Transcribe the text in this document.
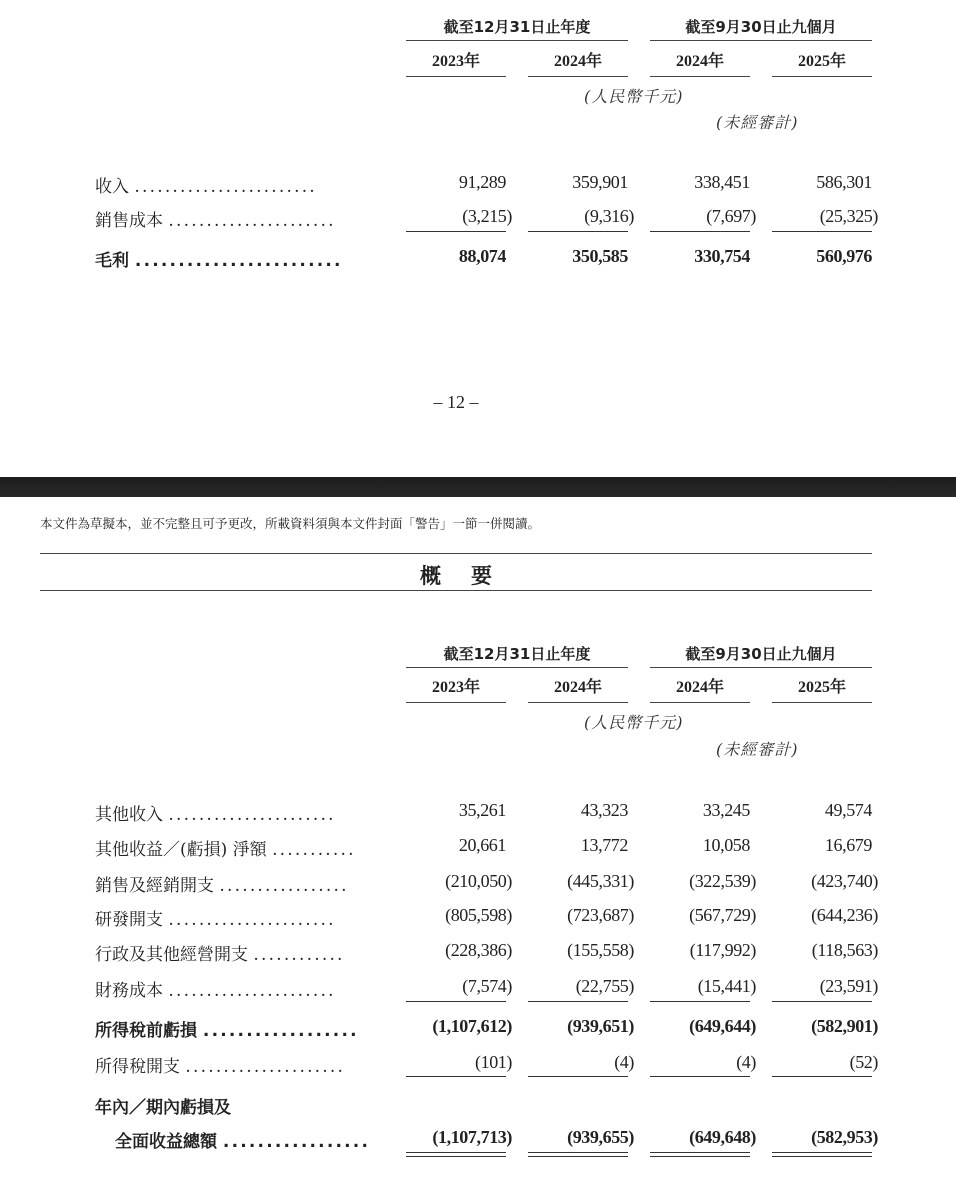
截至12月31日止年度	截至9月30日止九個月
2023年	2024年	2024年	2025年
(人民幣千元)
(未經審計)
收入 ........................	91,289	359,901	338,451	586,301
銷售成本 ......................	(3,215)	(9,316)	(7,697)	(25,325)
毛利 ........................	88,074	350,585	330,754	560,976
– 12 –
本文件為草擬本，並不完整且可予更改，所載資料須與本文件封面「警告」一節一併閱讀。
概要
截至12月31日止年度	截至9月30日止九個月
2023年	2024年	2024年	2025年
(人民幣千元)
(未經審計)
其他收入 ......................	35,261	43,323	33,245	49,574
其他收益／(虧損) 淨額 ...........	20,661	13,772	10,058	16,679
銷售及經銷開支 .................	(210,050)	(445,331)	(322,539)	(423,740)
研發開支 ......................	(805,598)	(723,687)	(567,729)	(644,236)
行政及其他經營開支 ............	(228,386)	(155,558)	(117,992)	(118,563)
財務成本 ......................	(7,574)	(22,755)	(15,441)	(23,591)
所得稅前虧損 ..................	(1,107,612)	(939,651)	(649,644)	(582,901)
所得稅開支 .....................	(101)	(4)	(4)	(52)
年內／期內虧損及
全面收益總額 .................	(1,107,713)	(939,655)	(649,648)	(582,953)
